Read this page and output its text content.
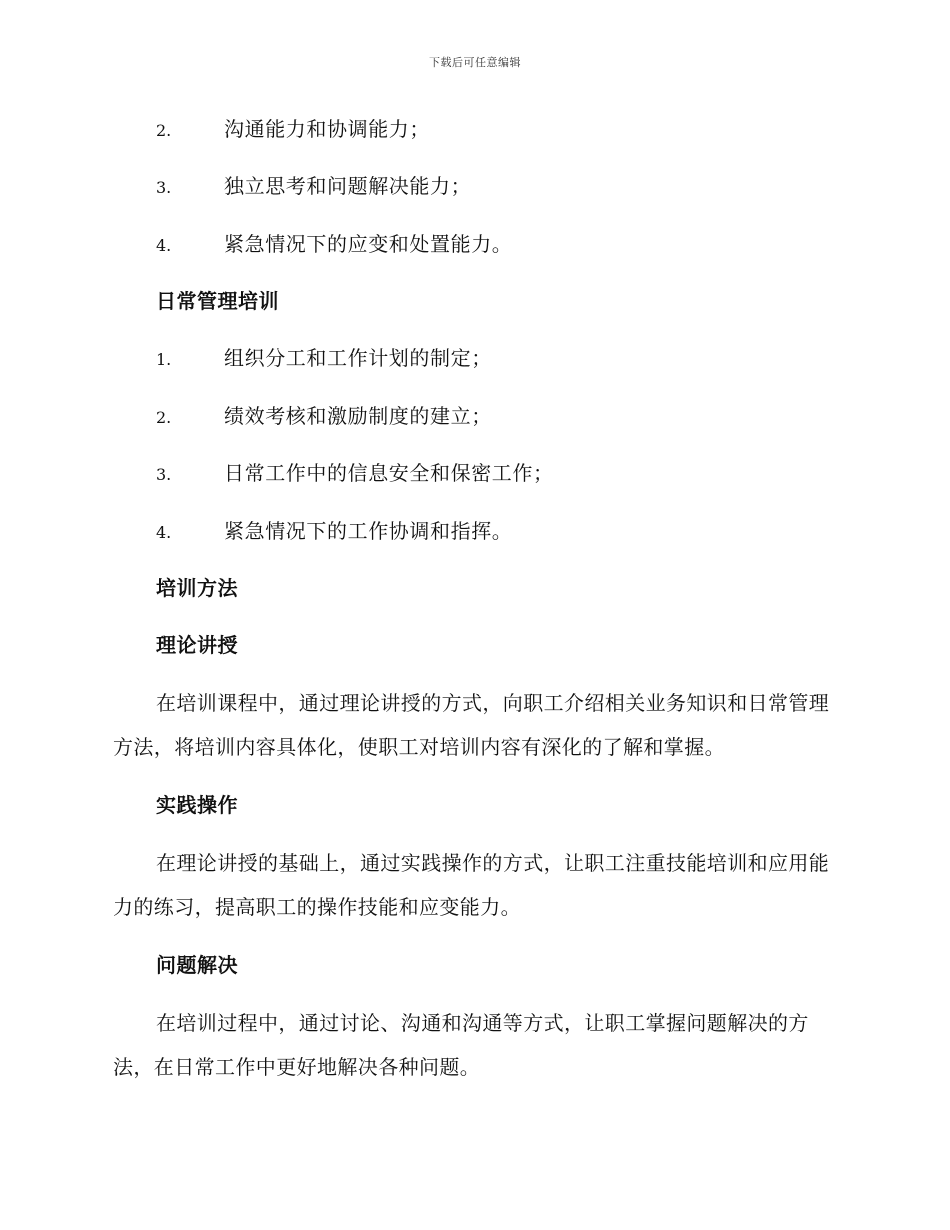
下载后可任意编辑
2.	沟通能力和协调能力；
3.	独立思考和问题解决能力；
4.	紧急情况下的应变和处置能力。
日常管理培训
1.	组织分工和工作计划的制定；
2.	绩效考核和激励制度的建立；
3.	日常工作中的信息安全和保密工作；
4.	紧急情况下的工作协调和指挥。
培训方法
理论讲授

在培训课程中，通过理论讲授的方式，向职工介绍相关业务知识和日常管理方法，将培训内容具体化，使职工对培训内容有深化的了解和掌握。

实践操作

在理论讲授的基础上，通过实践操作的方式，让职工注重技能培训和应用能力的练习，提高职工的操作技能和应变能力。

问题解决

在培训过程中，通过讨论、沟通和沟通等方式，让职工掌握问题解决的方法，在日常工作中更好地解决各种问题。
